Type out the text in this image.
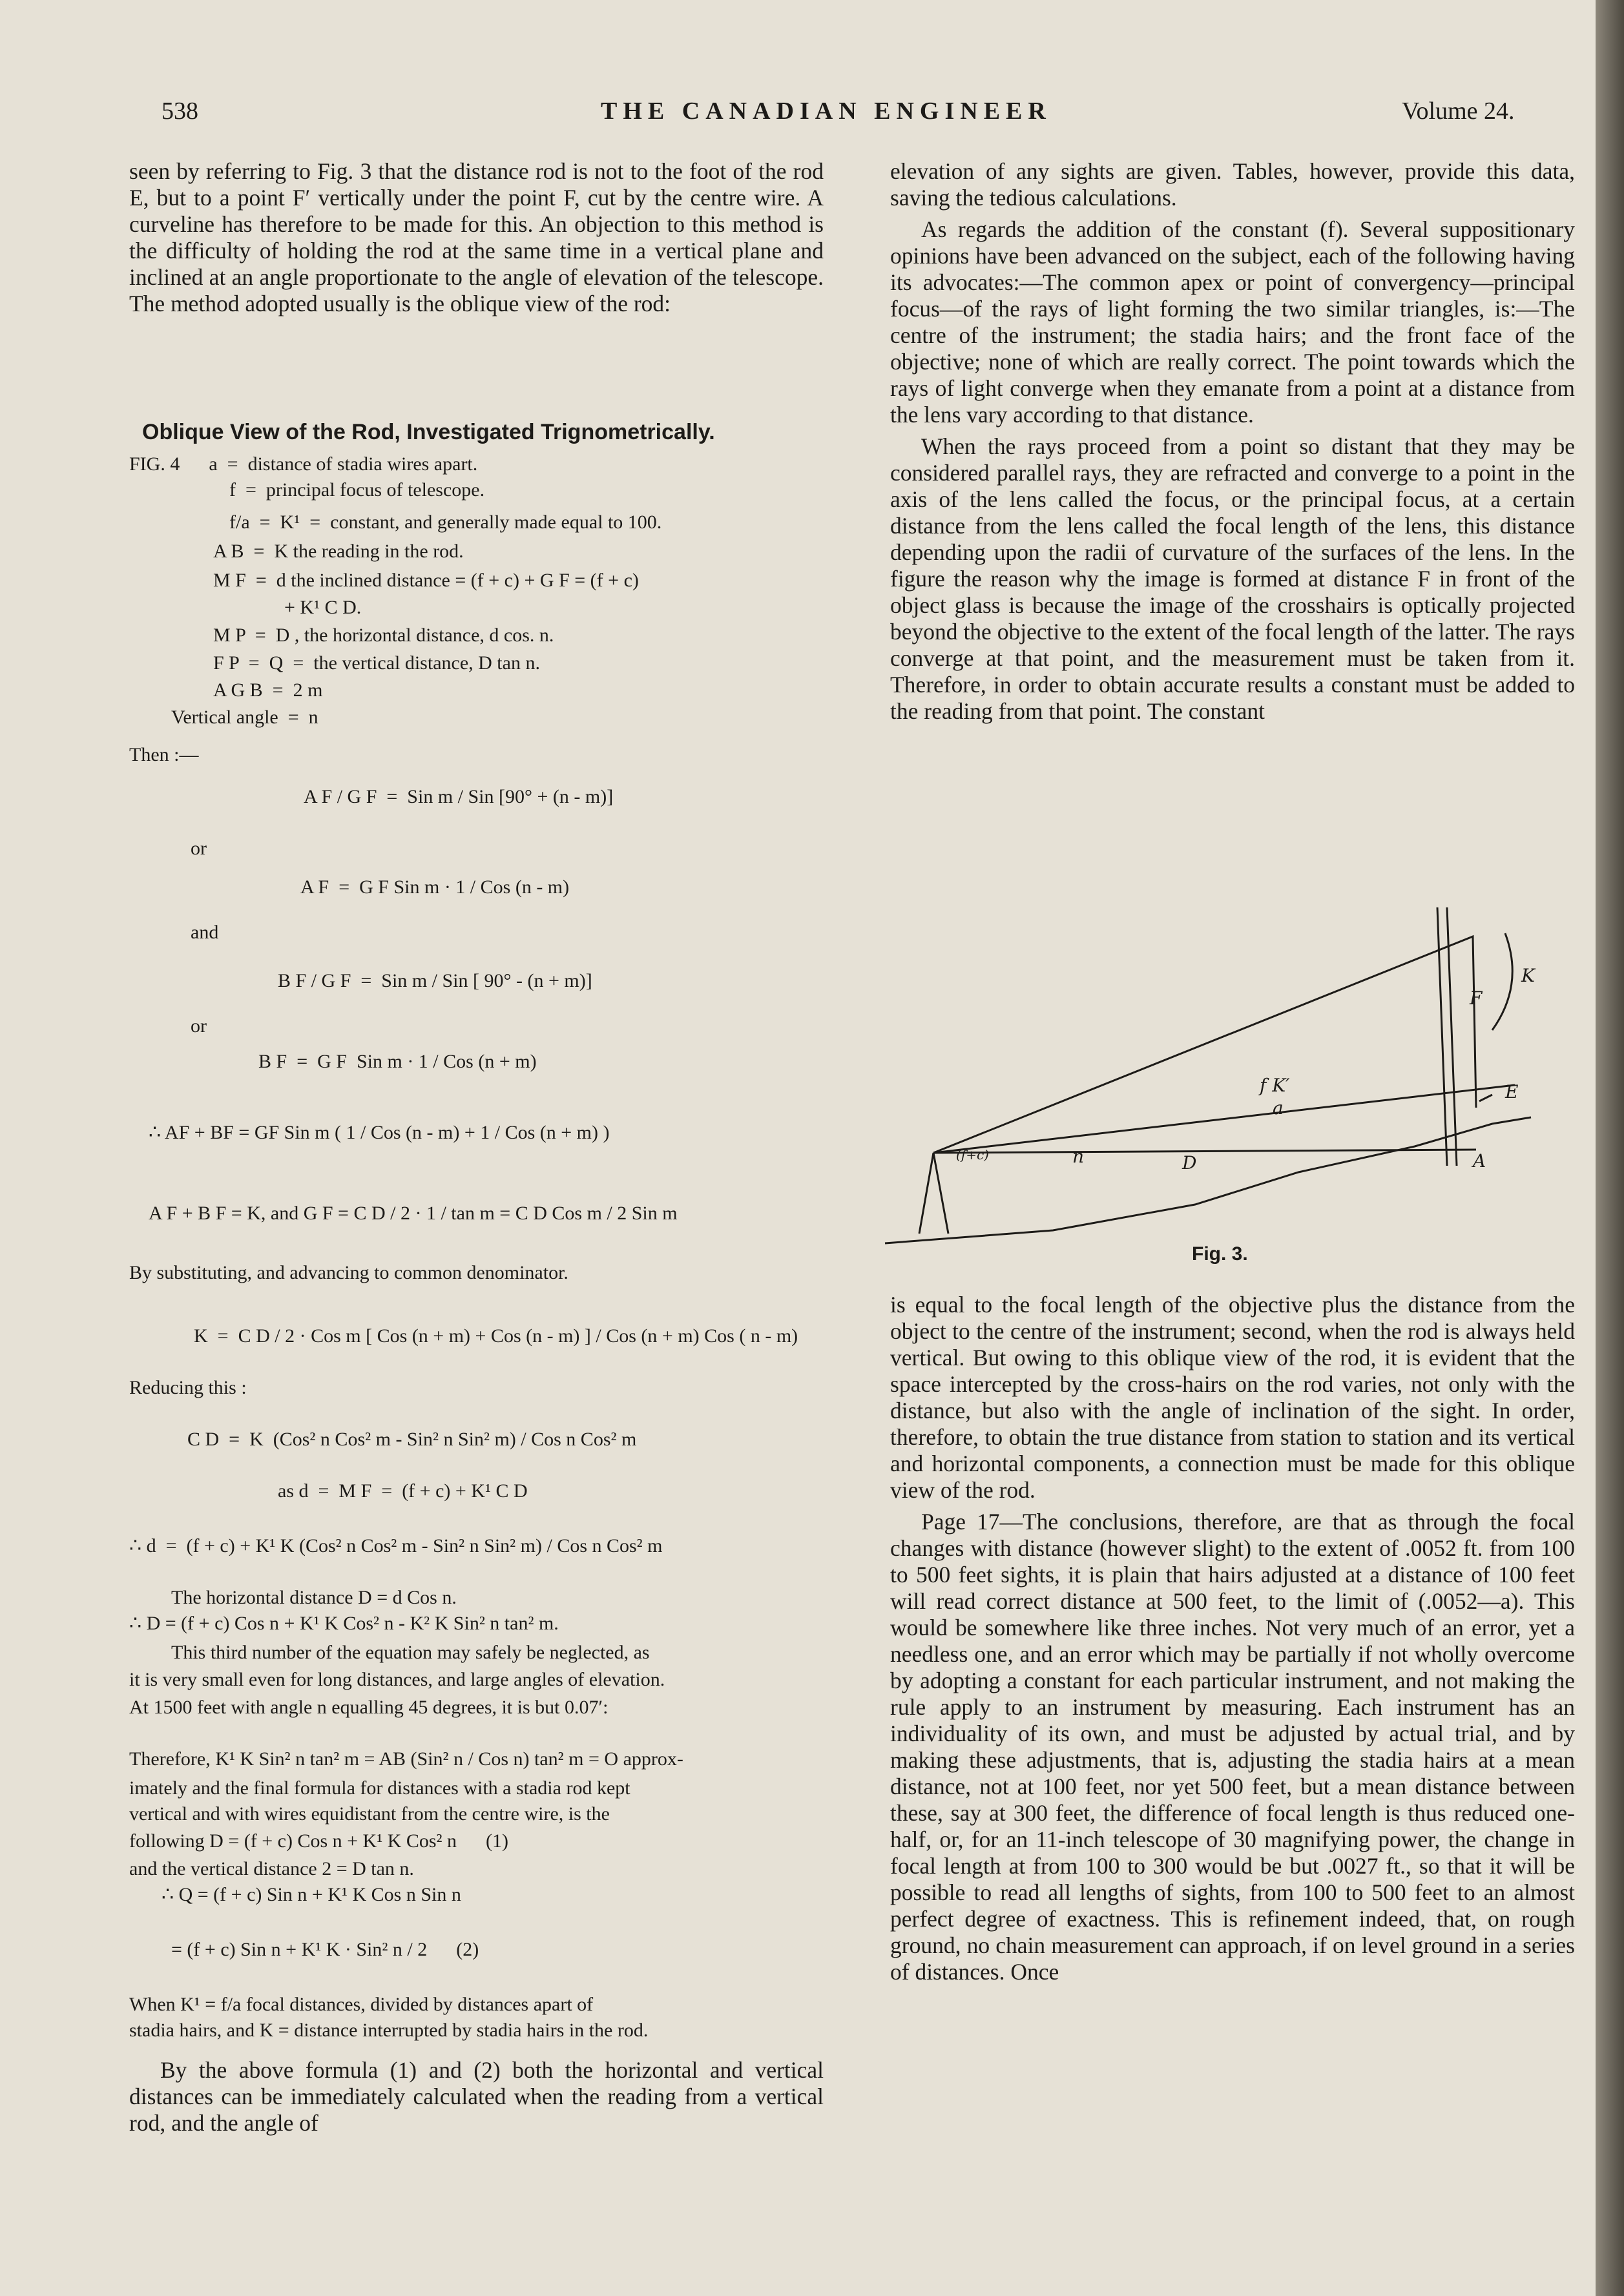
538	THE CANADIAN ENGINEER	Volume 24.

seen by referring to Fig. 3 that the distance rod is not to the foot of the rod E, but to a point F′ vertically under the point F, cut by the centre wire. A curveline has therefore to be made for this. An objection to this method is the difficulty of holding the rod at the same time in a vertical plane and inclined at an angle proportionate to the angle of elevation of the telescope. The method adopted usually is the oblique view of the rod:

Oblique View of the Rod, Investigated Trignometrically.
FIG. 4      a  =  distance of stadia wires apart.
f  =  principal focus of telescope.
f/a  =  K¹  =  constant, and generally made equal to 100.
A B  =  K the reading in the rod.
M F  =  d the inclined distance = (f + c) + G F = (f + c)
+ K¹ C D.
M P  =  D , the horizontal distance, d cos. n.
F P  =  Q  =  the vertical distance, D tan n.
A G B  =  2 m
Vertical angle  =  n
Then :—
A F / G F  =  Sin m / Sin [90° + (n - m)]
or
A F  =  G F Sin m · 1 / Cos (n - m)
and
B F / G F  =  Sin m / Sin [ 90° - (n + m)]
or
B F  =  G F  Sin m · 1 / Cos (n + m)
∴ AF + BF = GF Sin m ( 1 / Cos (n - m) + 1 / Cos (n + m) )
A F + B F = K, and G F = C D / 2 · 1 / tan m = C D Cos m / 2 Sin m
By substituting, and advancing to common denominator.
K  =  C D / 2 · Cos m [ Cos (n + m) + Cos (n - m) ] / Cos (n + m) Cos ( n - m)
Reducing this :
C D  =  K  (Cos² n Cos² m - Sin² n Sin² m) / Cos n Cos² m
as d  =  M F  =  (f + c) + K¹ C D
∴ d  =  (f + c) + K¹ K (Cos² n Cos² m - Sin² n Sin² m) / Cos n Cos² m
The horizontal distance D = d Cos n.
∴ D = (f + c) Cos n + K¹ K Cos² n - K² K Sin² n tan² m.
This third number of the equation may safely be neglected, as
it is very small even for long distances, and large angles of elevation.
At 1500 feet with angle n equalling 45 degrees, it is but 0.07′:
Therefore, K¹ K Sin² n tan² m = AB (Sin² n / Cos n) tan² m = O approx-
imately and the final formula for distances with a stadia rod kept
vertical and with wires equidistant from the centre wire, is the
following D = (f + c) Cos n + K¹ K Cos² n      (1)
and the vertical distance 2 = D tan n.
∴ Q = (f + c) Sin n + K¹ K Cos n Sin n
= (f + c) Sin n + K¹ K · Sin² n / 2      (2)
When K¹ = f/a focal distances, divided by distances apart of
stadia hairs, and K = distance interrupted by stadia hairs in the rod.

By the above formula (1) and (2) both the horizontal and vertical distances can be immediately calculated when the reading from a vertical rod, and the angle of

elevation of any sights are given. Tables, however, provide this data, saving the tedious calculations.

As regards the addition of the constant (f). Several suppositionary opinions have been advanced on the subject, each of the following having its advocates:—The common apex or point of convergency—principal focus—of the rays of light forming the two similar triangles, is:—The centre of the instrument; the stadia hairs; and the front face of the objective; none of which are really correct. The point towards which the rays of light converge when they emanate from a point at a distance from the lens vary according to that distance.

When the rays proceed from a point so distant that they may be considered parallel rays, they are refracted and converge to a point in the axis of the lens called the focus, or the principal focus, at a certain distance from the lens called the focal length of the lens, this distance depending upon the radii of curvature of the surfaces of the lens. In the figure the reason why the image is formed at distance F in front of the object glass is because the image of the crosshairs is optically projected beyond the objective to the extent of the focal length of the latter. The rays converge at that point, and the measurement must be taken from it. Therefore, in order to obtain accurate results a constant must be added to the reading from that point. The constant

K
F
E
A
D
n
(f+c)
f K′
a
Fig. 3.

is equal to the focal length of the objective plus the distance from the object to the centre of the instrument; second, when the rod is always held vertical. But owing to this oblique view of the rod, it is evident that the space intercepted by the cross-hairs on the rod varies, not only with the distance, but also with the angle of inclination of the sight. In order, therefore, to obtain the true distance from station to station and its vertical and horizontal components, a connection must be made for this oblique view of the rod.

Page 17—The conclusions, therefore, are that as through the focal changes with distance (however slight) to the extent of .0052 ft. from 100 to 500 feet sights, it is plain that hairs adjusted at a distance of 100 feet will read correct distance at 500 feet, to the limit of (.0052—a). This would be somewhere like three inches. Not very much of an error, yet a needless one, and an error which may be partially if not wholly overcome by adopting a constant for each particular instrument, and not making the rule apply to an instrument by measuring. Each instrument has an individuality of its own, and must be adjusted by actual trial, and by making these adjustments, that is, adjusting the stadia hairs at a mean distance, not at 100 feet, nor yet 500 feet, but a mean distance between these, say at 300 feet, the difference of focal length is thus reduced one-half, or, for an 11-inch telescope of 30 magnifying power, the change in focal length at from 100 to 300 would be but .0027 ft., so that it will be possible to read all lengths of sights, from 100 to 500 feet to an almost perfect degree of exactness. This is refinement indeed, that, on rough ground, no chain measurement can approach, if on level ground in a series of distances. Once
